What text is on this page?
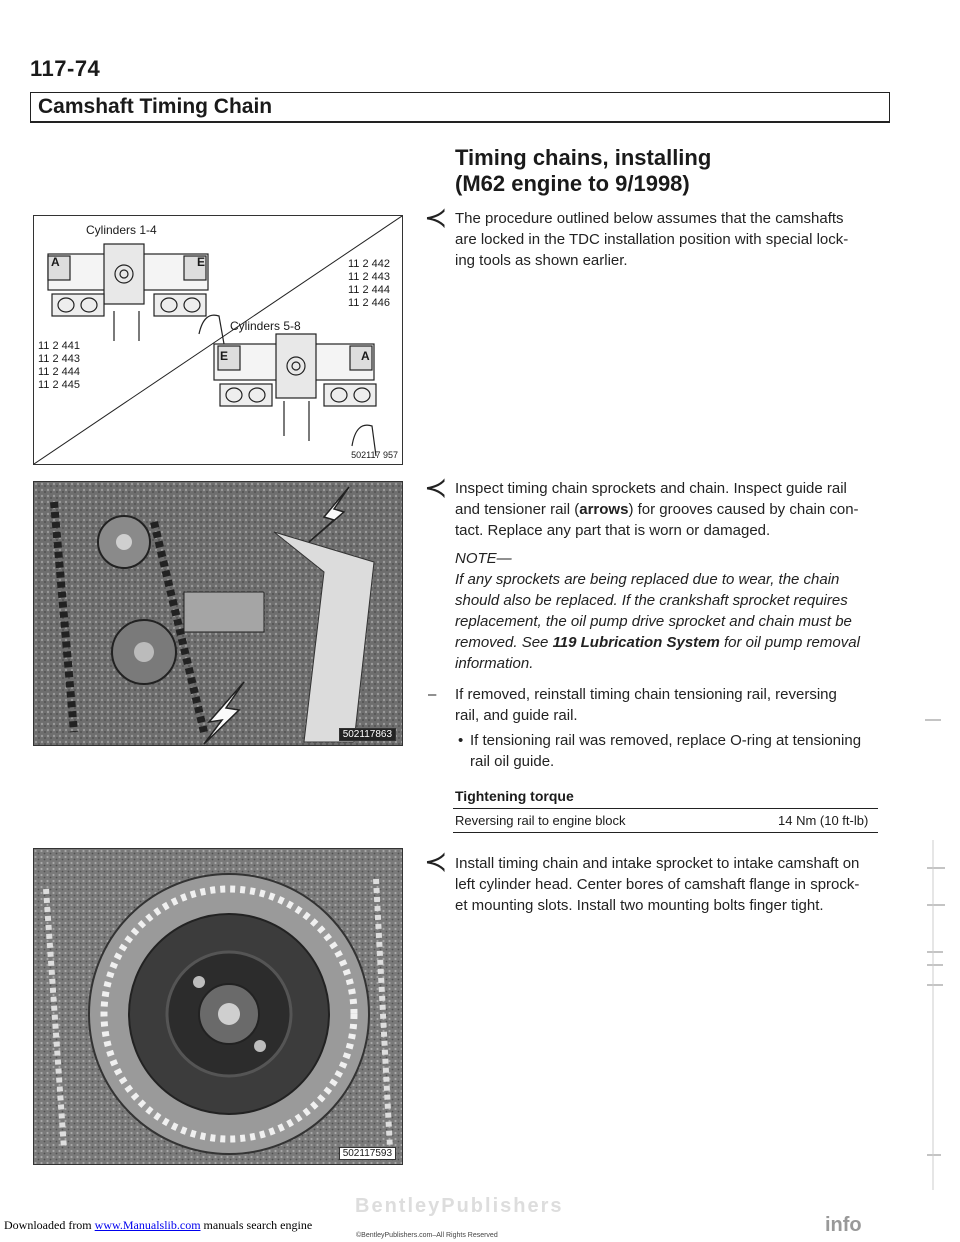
117-74
Camshaft Timing Chain
Timing chains, installing
(M62 engine to 9/1998)
Cylinders 1-4
Cylinders 5-8
A	E
E	A
11 2 442
11 2 443
11 2 444
11 2 446
11 2 441
11 2 443
11 2 444
11 2 445
502117 957
502117863
502117593
≺ The procedure outlined below assumes that the camshafts
are locked in the TDC installation position with special lock-
ing tools as shown earlier.
≺ Inspect timing chain sprockets and chain. Inspect guide rail
and tensioner rail (arrows) for grooves caused by chain con-
tact. Replace any part that is worn or damaged.
NOTE—
If any sprockets are being replaced due to wear, the chain
should also be replaced. If the crankshaft sprocket requires
replacement, the oil pump drive sprocket and chain must be
removed. See 119 Lubrication System for oil pump removal
information.
– If removed, reinstall timing chain tensioning rail, reversing
rail, and guide rail.
• If tensioning rail was removed, replace O-ring at tensioning
rail oil guide.
Tightening torque
Reversing rail to engine block	14 Nm (10 ft-lb)
≺ Install timing chain and intake sprocket to intake camshaft on
left cylinder head. Center bores of camshaft flange in sprock-
et mounting slots. Install two mounting bolts finger tight.
BentleyPublishers
Downloaded from www.Manualslib.com manuals search engine
©BentleyPublishers.com–All Rights Reserved	info
